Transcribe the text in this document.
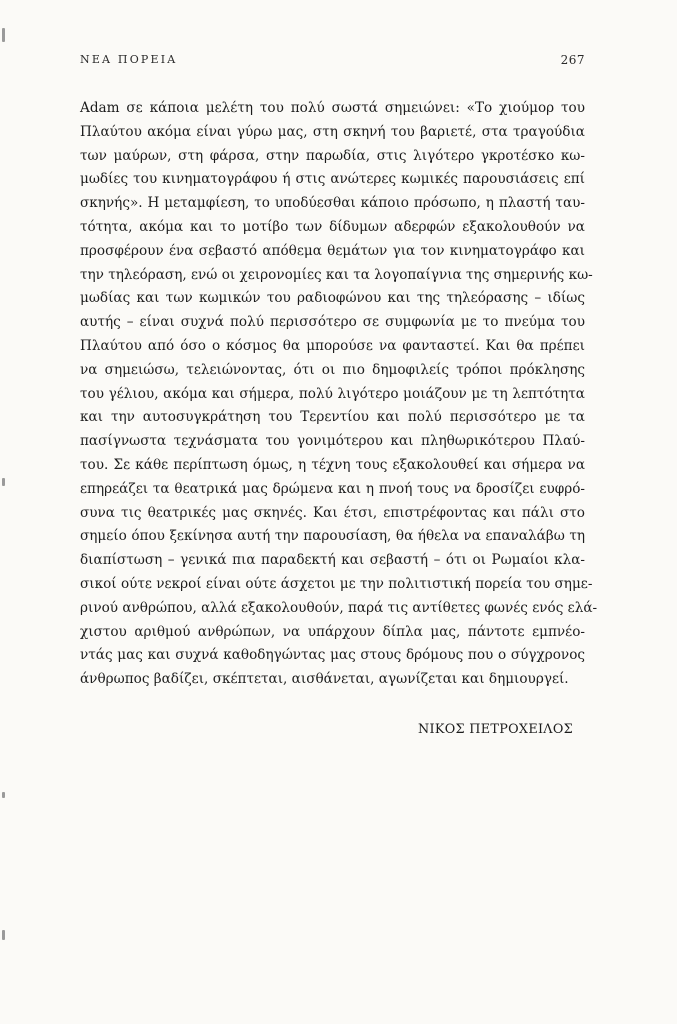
ΝΕΑ ΠΟΡΕΙΑ	267
Adam σε κάποια μελέτη του πολύ σωστά σημειώνει: «Το χιούμορ του
Πλαύτου ακόμα είναι γύρω μας, στη σκηνή του βαριετέ, στα τραγούδια
των μαύρων, στη φάρσα, στην παρωδία, στις λιγότερο γκροτέσκο κω-
μωδίες του κινηματογράφου ή στις ανώτερες κωμικές παρουσιάσεις επί
σκηνής». Η μεταμφίεση, το υποδύεσθαι κάποιο πρόσωπο, η πλαστή ταυ-
τότητα, ακόμα και το μοτίβο των δίδυμων αδερφών εξακολουθούν να
προσφέρουν ένα σεβαστό απόθεμα θεμάτων για τον κινηματογράφο και
την τηλεόραση, ενώ οι χειρονομίες και τα λογοπαίγνια της σημερινής κω-
μωδίας και των κωμικών του ραδιοφώνου και της τηλεόρασης – ιδίως
αυτής – είναι συχνά πολύ περισσότερο σε συμφωνία με το πνεύμα του
Πλαύτου από όσο ο κόσμος θα μπορούσε να φανταστεί. Και θα πρέπει
να σημειώσω, τελειώνοντας, ότι οι πιο δημοφιλείς τρόποι πρόκλησης
του γέλιου, ακόμα και σήμερα, πολύ λιγότερο μοιάζουν με τη λεπτότητα
και την αυτοσυγκράτηση του Τερεντίου και πολύ περισσότερο με τα
πασίγνωστα τεχνάσματα του γονιμότερου και πληθωρικότερου Πλαύ-
του. Σε κάθε περίπτωση όμως, η τέχνη τους εξακολουθεί και σήμερα να
επηρεάζει τα θεατρικά μας δρώμενα και η πνοή τους να δροσίζει ευφρό-
συνα τις θεατρικές μας σκηνές. Και έτσι, επιστρέφοντας και πάλι στο
σημείο όπου ξεκίνησα αυτή την παρουσίαση, θα ήθελα να επαναλάβω τη
διαπίστωση – γενικά πια παραδεκτή και σεβαστή – ότι οι Ρωμαίοι κλα-
σικοί ούτε νεκροί είναι ούτε άσχετοι με την πολιτιστική πορεία του σημε-
ρινού ανθρώπου, αλλά εξακολουθούν, παρά τις αντίθετες φωνές ενός ελά-
χιστου αριθμού ανθρώπων, να υπάρχουν δίπλα μας, πάντοτε εμπνέο-
ντάς μας και συχνά καθοδηγώντας μας στους δρόμους που ο σύγχρονος
άνθρωπος βαδίζει, σκέπτεται, αισθάνεται, αγωνίζεται και δημιουργεί.
ΝΙΚΟΣ ΠΕΤΡΟΧΕΙΛΟΣ
